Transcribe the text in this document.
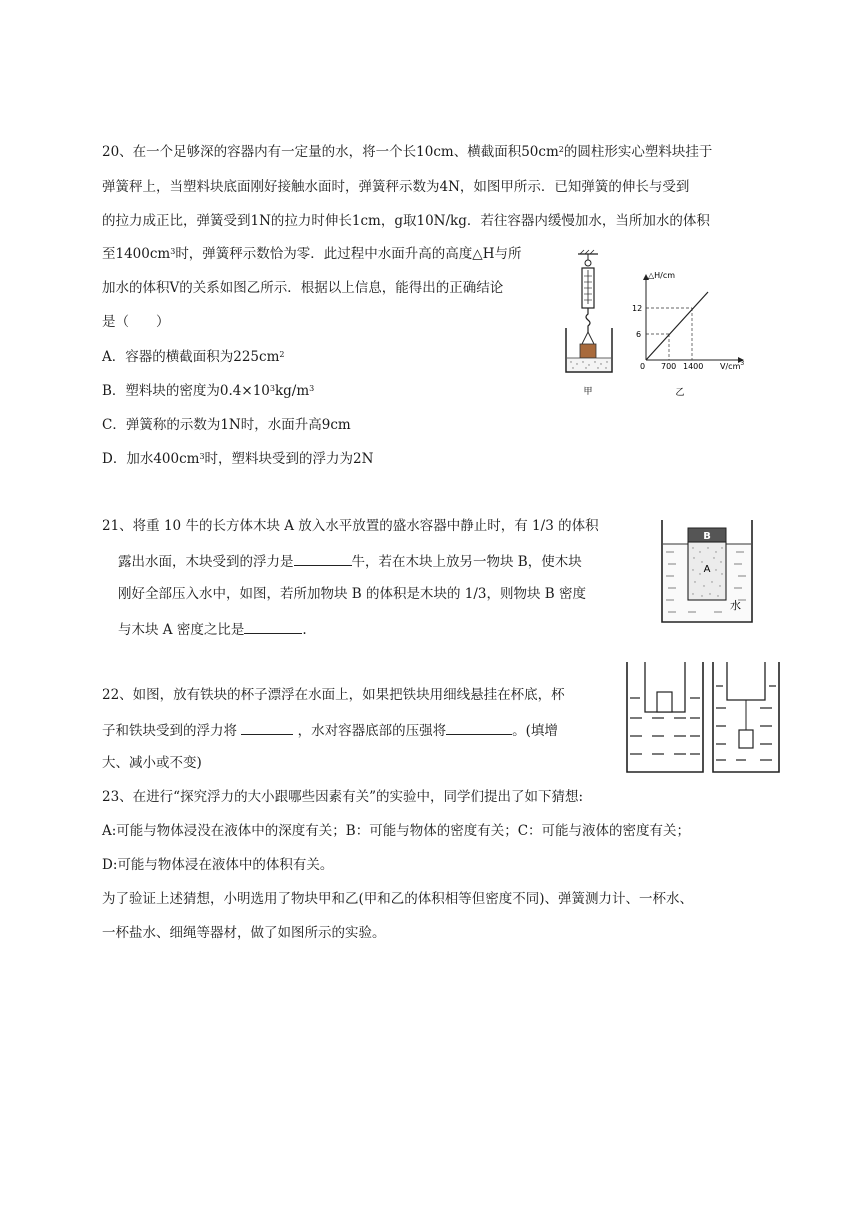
20、在一个足够深的容器内有一定量的水，将一个长10cm、横截面积$50cm^2$的圆柱形实心塑料块挂于
弹簧秤上，当塑料块底面刚好接触水面时，弹簧秤示数为4N，如图甲所示．已知弹簧的伸长与受到
的拉力成正比，弹簧受到1N的拉力时伸长1cm，g取10N/kg．若往容器内缓慢加水，当所加水的体积
至$1400cm^3$时，弹簧秤示数恰为零．此过程中水面升高的高度△H与所
加水的体积V的关系如图乙所示．根据以上信息，能得出的正确结论
是（　　）
A．容器的横截面积为$225cm^2$
B．塑料块的密度为$0.4\times 10^3kg/m^3$
C．弹簧称的示数为1N时，水面升高9cm
D．加水$400cm^3$时，塑料块受到的浮力为2N
甲
△H/cm
12
6
0 700 1400 $V/cm^3$
乙
21、将重 10 牛的长方体木块 A 放入水平放置的盛水容器中静止时，有 1/3 的体积
露出水面，木块受到的浮力是	牛，若在木块上放另一物块 B，使木块
刚好全部压入水中，如图，若所加物块 B 的体积是木块的 1/3，则物块 B 密度
与木块 A 密度之比是	.
B
A
水
22、如图，放有铁块的杯子漂浮在水面上，如果把铁块用细线悬挂在杯底，杯
子和铁块受到的浮力将	，水对容器底部的压强将	。(填增
大、减小或不变)
23、在进行“探究浮力的大小跟哪些因素有关”的实验中，同学们提出了如下猜想:
A:可能与物体浸没在液体中的深度有关；B：可能与物体的密度有关；C：可能与液体的密度有关；
D:可能与物体浸在液体中的体积有关。
为了验证上述猜想，小明选用了物块甲和乙(甲和乙的体积相等但密度不同)、弹簧测力计、一杯水、
一杯盐水、细绳等器材，做了如图所示的实验。
